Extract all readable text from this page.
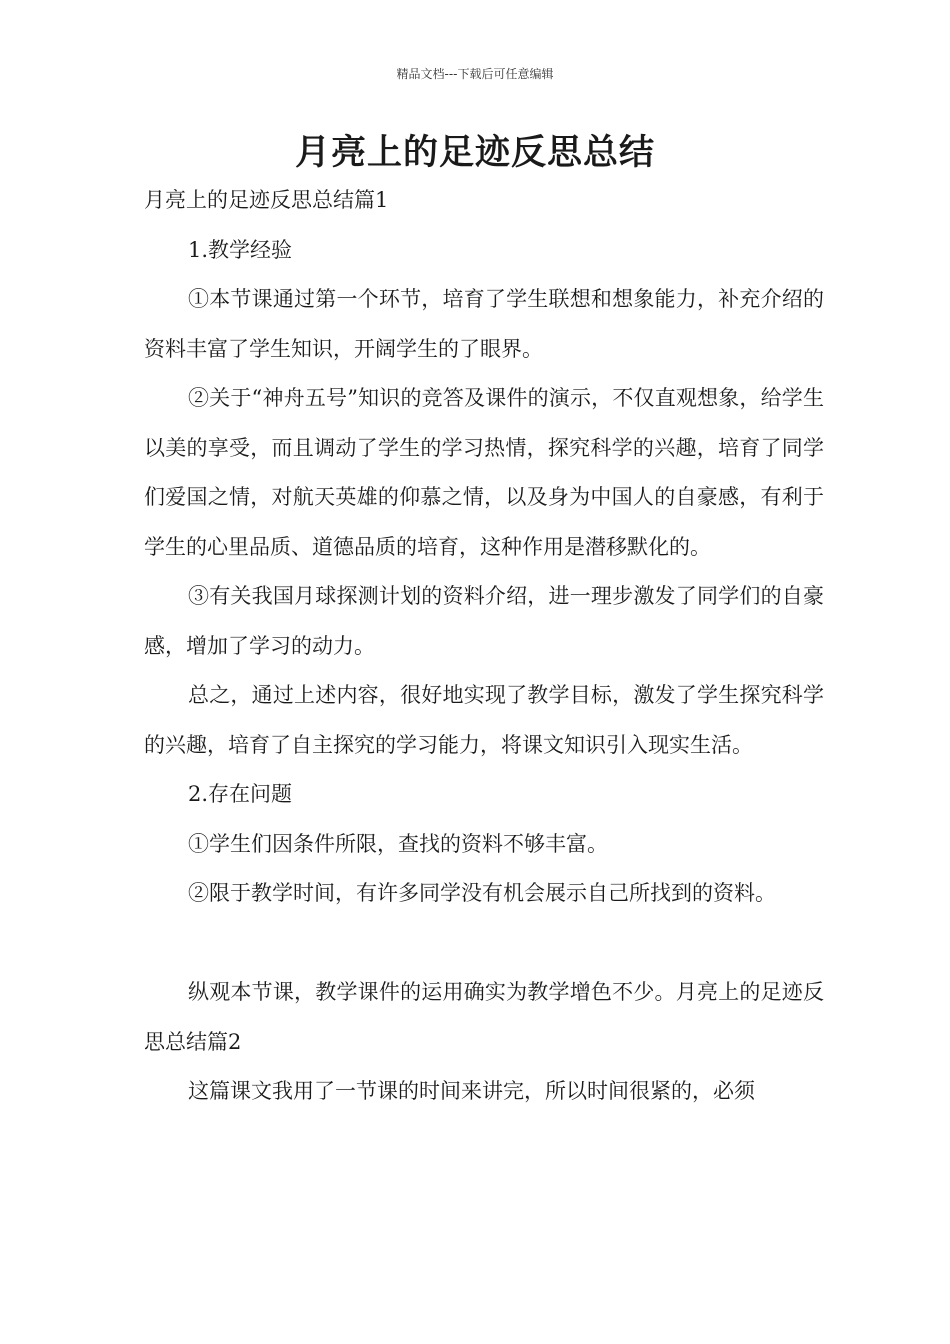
精品文档---下载后可任意编辑
月亮上的足迹反思总结

月亮上的足迹反思总结篇1

1.教学经验

①本节课通过第一个环节，培育了学生联想和想象能力，补充介绍的资料丰富了学生知识，开阔学生的了眼界。

②关于“神舟五号”知识的竞答及课件的演示，不仅直观想象，给学生以美的享受，而且调动了学生的学习热情，探究科学的兴趣，培育了同学们爱国之情，对航天英雄的仰慕之情，以及身为中国人的自豪感，有利于学生的心里品质、道德品质的培育，这种作用是潜移默化的。

③有关我国月球探测计划的资料介绍，进一理步激发了同学们的自豪感，增加了学习的动力。

总之，通过上述内容，很好地实现了教学目标，激发了学生探究科学的兴趣，培育了自主探究的学习能力，将课文知识引入现实生活。

2.存在问题

①学生们因条件所限，查找的资料不够丰富。

②限于教学时间，有许多同学没有机会展示自己所找到的资料。

纵观本节课，教学课件的运用确实为教学增色不少。月亮上的足迹反思总结篇2

这篇课文我用了一节课的时间来讲完，所以时间很紧的，必须
